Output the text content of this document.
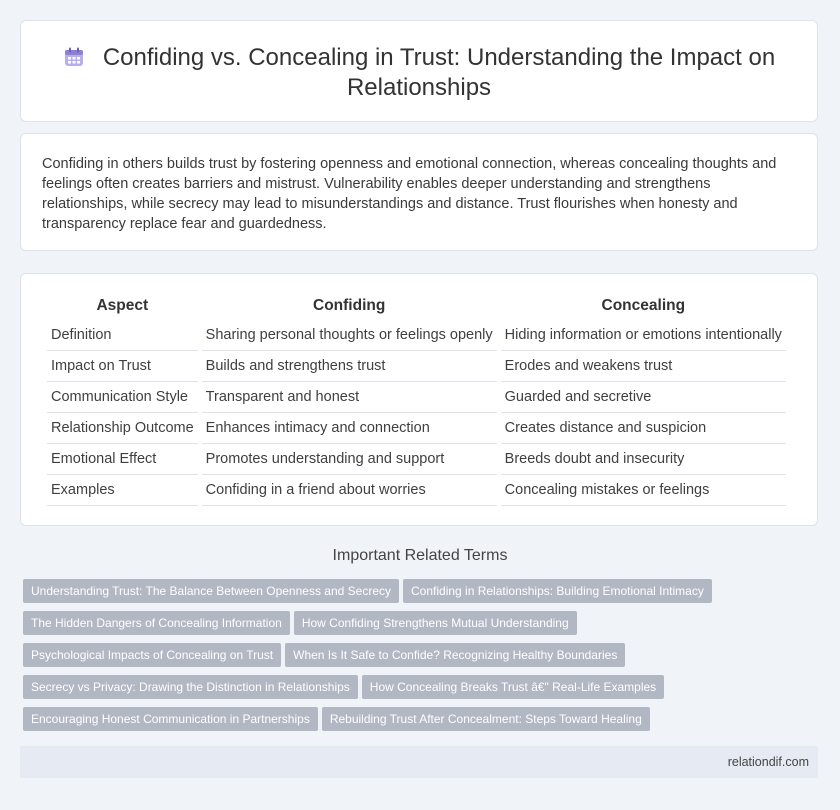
Confiding vs. Concealing in Trust: Understanding the Impact on Relationships
Confiding in others builds trust by fostering openness and emotional connection, whereas concealing thoughts and feelings often creates barriers and mistrust. Vulnerability enables deeper understanding and strengthens relationships, while secrecy may lead to misunderstandings and distance. Trust flourishes when honesty and transparency replace fear and guardedness.
Aspect	Confiding	Concealing
Definition	Sharing personal thoughts or feelings openly	Hiding information or emotions intentionally
Impact on Trust	Builds and strengthens trust	Erodes and weakens trust
Communication Style	Transparent and honest	Guarded and secretive
Relationship Outcome	Enhances intimacy and connection	Creates distance and suspicion
Emotional Effect	Promotes understanding and support	Breeds doubt and insecurity
Examples	Confiding in a friend about worries	Concealing mistakes or feelings
Important Related Terms
Understanding Trust: The Balance Between Openness and Secrecy Confiding in Relationships: Building Emotional Intimacy
The Hidden Dangers of Concealing Information How Confiding Strengthens Mutual Understanding
Psychological Impacts of Concealing on Trust When Is It Safe to Confide? Recognizing Healthy Boundaries
Secrecy vs Privacy: Drawing the Distinction in Relationships How Concealing Breaks Trust â€" Real-Life Examples
Encouraging Honest Communication in Partnerships Rebuilding Trust After Concealment: Steps Toward Healing
relationdif.com
